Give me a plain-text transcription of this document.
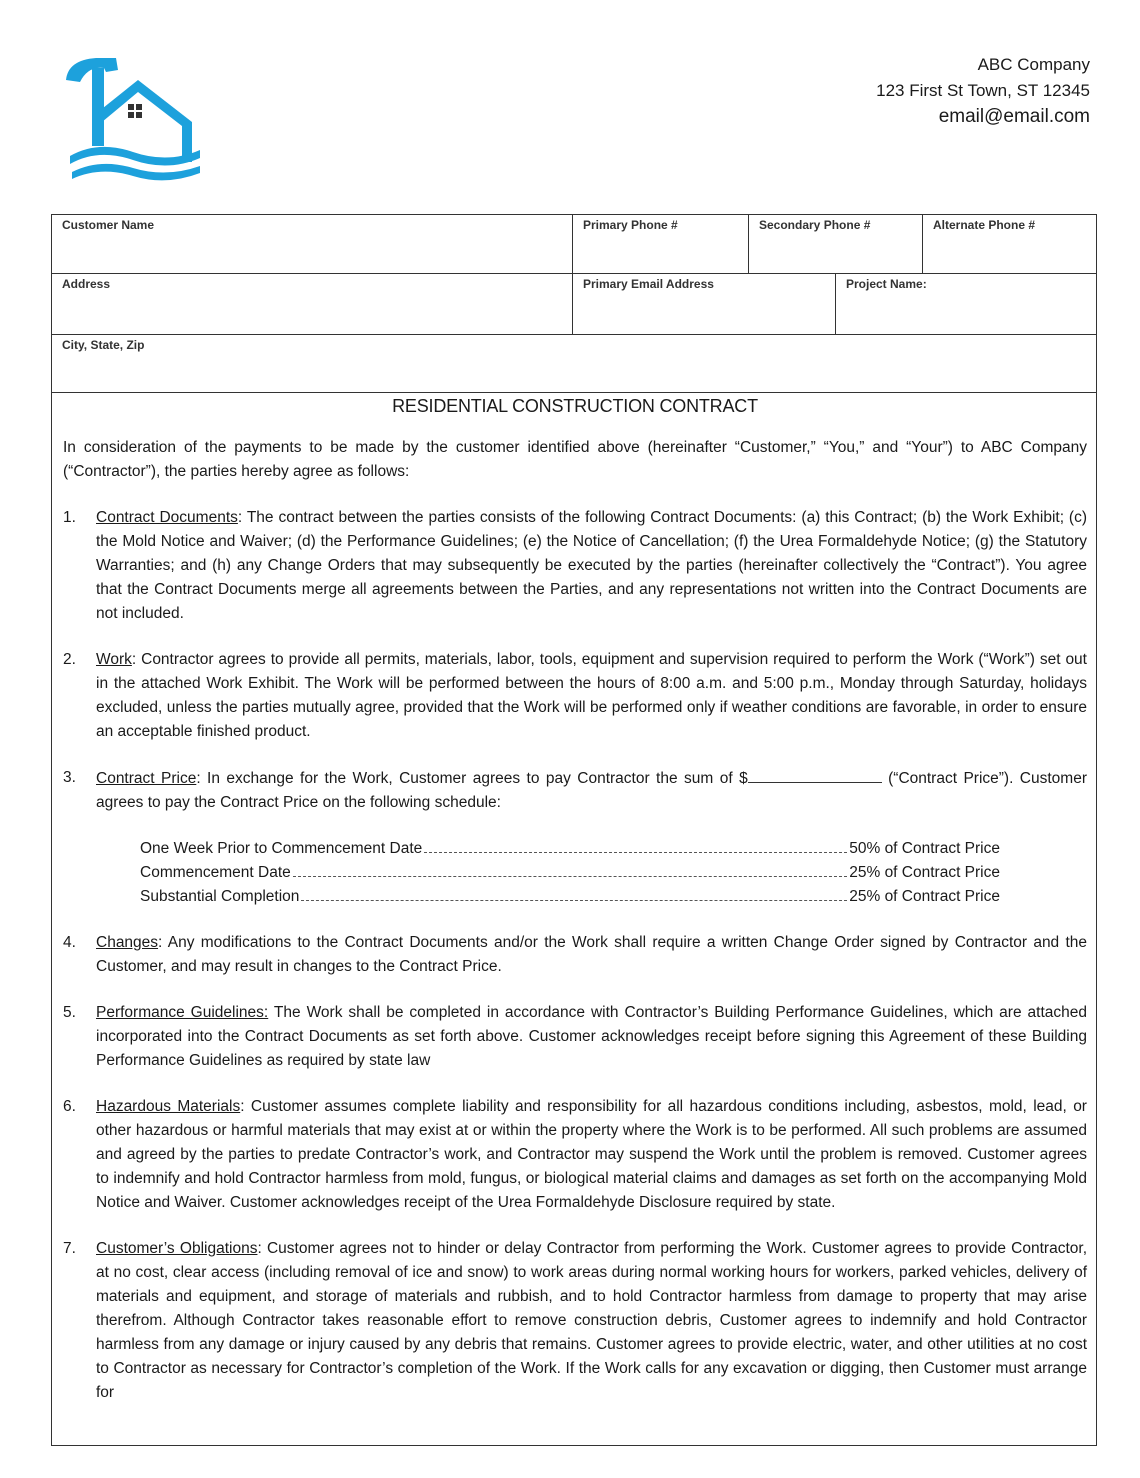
ABC Company
123 First St Town, ST 12345
email@email.com
Customer Name	Primary Phone #	Secondary Phone #	Alternate Phone #
Address	Primary Email Address	Project Name:
City, State, Zip
RESIDENTIAL CONSTRUCTION CONTRACT
In consideration of the payments to be made by the customer identified above (hereinafter “Customer,” “You,” and “Your”) to ABC Company (“Contractor”), the parties hereby agree as follows:
1.	Contract Documents: The contract between the parties consists of the following Contract Documents: (a) this Contract; (b) the Work Exhibit; (c) the Mold Notice and Waiver; (d) the Performance Guidelines; (e) the Notice of Cancellation; (f) the Urea Formaldehyde Notice; (g) the Statutory Warranties; and (h) any Change Orders that may subsequently be executed by the parties (hereinafter collectively the “Contract”). You agree that the Contract Documents merge all agreements between the Parties, and any representations not written into the Contract Documents are not included.
2.	Work: Contractor agrees to provide all permits, materials, labor, tools, equipment and supervision required to perform the Work (“Work”) set out in the attached Work Exhibit. The Work will be performed between the hours of 8:00 a.m. and 5:00 p.m., Monday through Saturday, holidays excluded, unless the parties mutually agree, provided that the Work will be performed only if weather conditions are favorable, in order to ensure an acceptable finished product.
3.	Contract Price: In exchange for the Work, Customer agrees to pay Contractor the sum of $	(“Contract Price”). Customer agrees to pay the Contract Price on the following schedule:
One Week Prior to Commencement Date	50% of Contract Price
Commencement Date	25% of Contract Price
Substantial Completion	25% of Contract Price
4.	Changes: Any modifications to the Contract Documents and/or the Work shall require a written Change Order signed by Contractor and the Customer, and may result in changes to the Contract Price.
5.	Performance Guidelines: The Work shall be completed in accordance with Contractor’s Building Performance Guidelines, which are attached incorporated into the Contract Documents as set forth above. Customer acknowledges receipt before signing this Agreement of these Building Performance Guidelines as required by state law
6.	Hazardous Materials: Customer assumes complete liability and responsibility for all hazardous conditions including, asbestos, mold, lead, or other hazardous or harmful materials that may exist at or within the property where the Work is to be performed. All such problems are assumed and agreed by the parties to predate Contractor’s work, and Contractor may suspend the Work until the problem is removed. Customer agrees to indemnify and hold Contractor harmless from mold, fungus, or biological material claims and damages as set forth on the accompanying Mold Notice and Waiver. Customer acknowledges receipt of the Urea Formaldehyde Disclosure required by state.
7.	Customer’s Obligations: Customer agrees not to hinder or delay Contractor from performing the Work. Customer agrees to provide Contractor, at no cost, clear access (including removal of ice and snow) to work areas during normal working hours for workers, parked vehicles, delivery of materials and equipment, and storage of materials and rubbish, and to hold Contractor harmless from damage to property that may arise therefrom. Although Contractor takes reasonable effort to remove construction debris, Customer agrees to indemnify and hold Contractor harmless from any damage or injury caused by any debris that remains. Customer agrees to provide electric, water, and other utilities at no cost to Contractor as necessary for Contractor’s completion of the Work. If the Work calls for any excavation or digging, then Customer must arrange for
